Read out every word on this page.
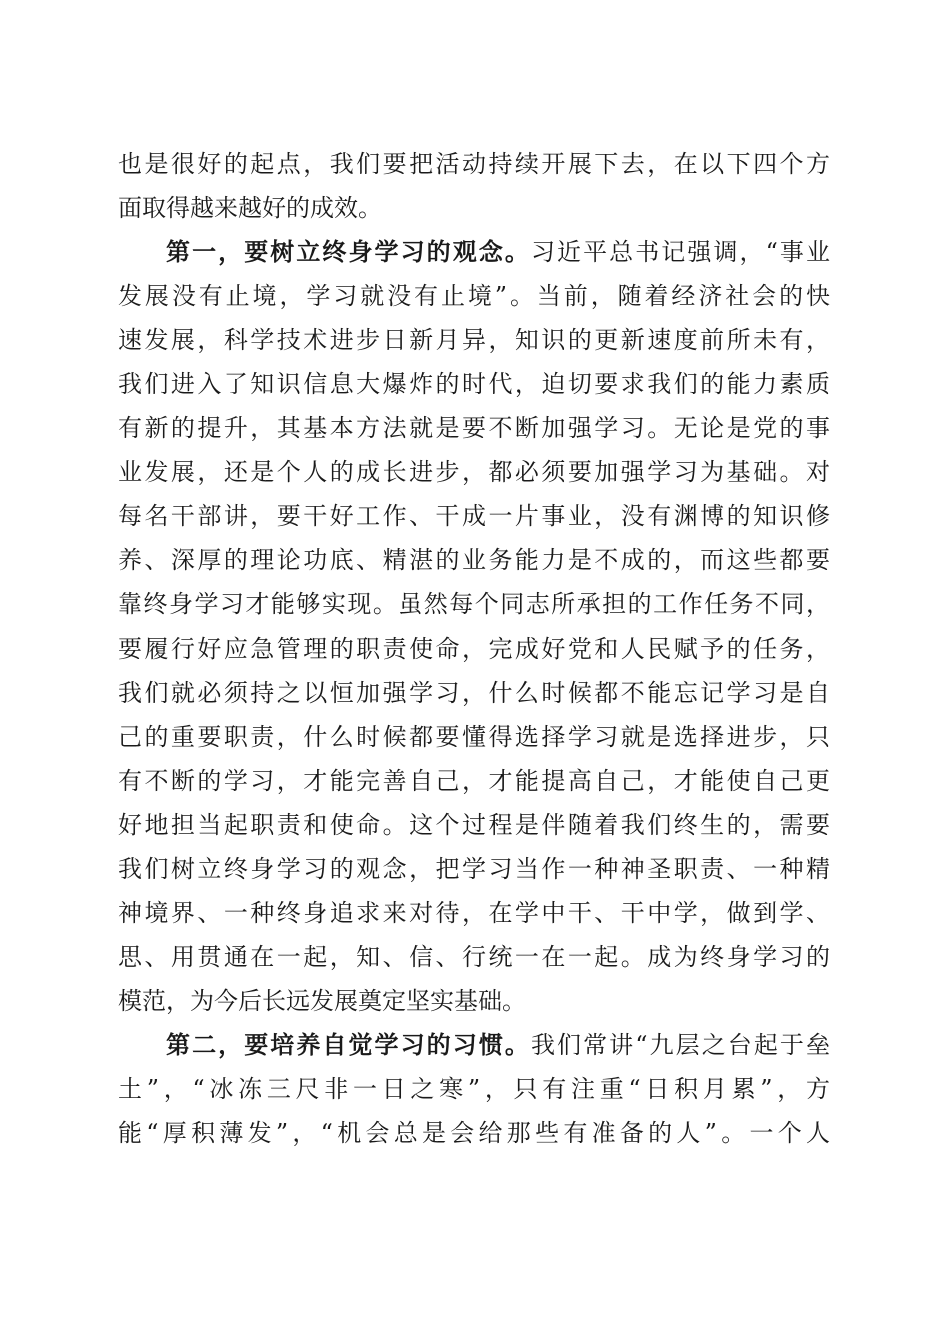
也是很好的起点，我们要把活动持续开展下去，在以下四个方
面取得越来越好的成效。
第一，要树立终身学习的观念。习近平总书记强调，“事业
发展没有止境，学习就没有止境”。当前，随着经济社会的快
速发展，科学技术进步日新月异，知识的更新速度前所未有，
我们进入了知识信息大爆炸的时代，迫切要求我们的能力素质
有新的提升，其基本方法就是要不断加强学习。无论是党的事
业发展，还是个人的成长进步，都必须要加强学习为基础。对
每名干部讲，要干好工作、干成一片事业，没有渊博的知识修
养、深厚的理论功底、精湛的业务能力是不成的，而这些都要
靠终身学习才能够实现。虽然每个同志所承担的工作任务不同，
要履行好应急管理的职责使命，完成好党和人民赋予的任务，
我们就必须持之以恒加强学习，什么时候都不能忘记学习是自
己的重要职责，什么时候都要懂得选择学习就是选择进步，只
有不断的学习，才能完善自己，才能提高自己，才能使自己更
好地担当起职责和使命。这个过程是伴随着我们终生的，需要
我们树立终身学习的观念，把学习当作一种神圣职责、一种精
神境界、一种终身追求来对待，在学中干、干中学，做到学、
思、用贯通在一起，知、信、行统一在一起。成为终身学习的
模范，为今后长远发展奠定坚实基础。
第二，要培养自觉学习的习惯。我们常讲“九层之台起于垒
土”，“冰冻三尺非一日之寒”，只有注重“日积月累”，方
能“厚积薄发”，“机会总是会给那些有准备的人”。一个人
